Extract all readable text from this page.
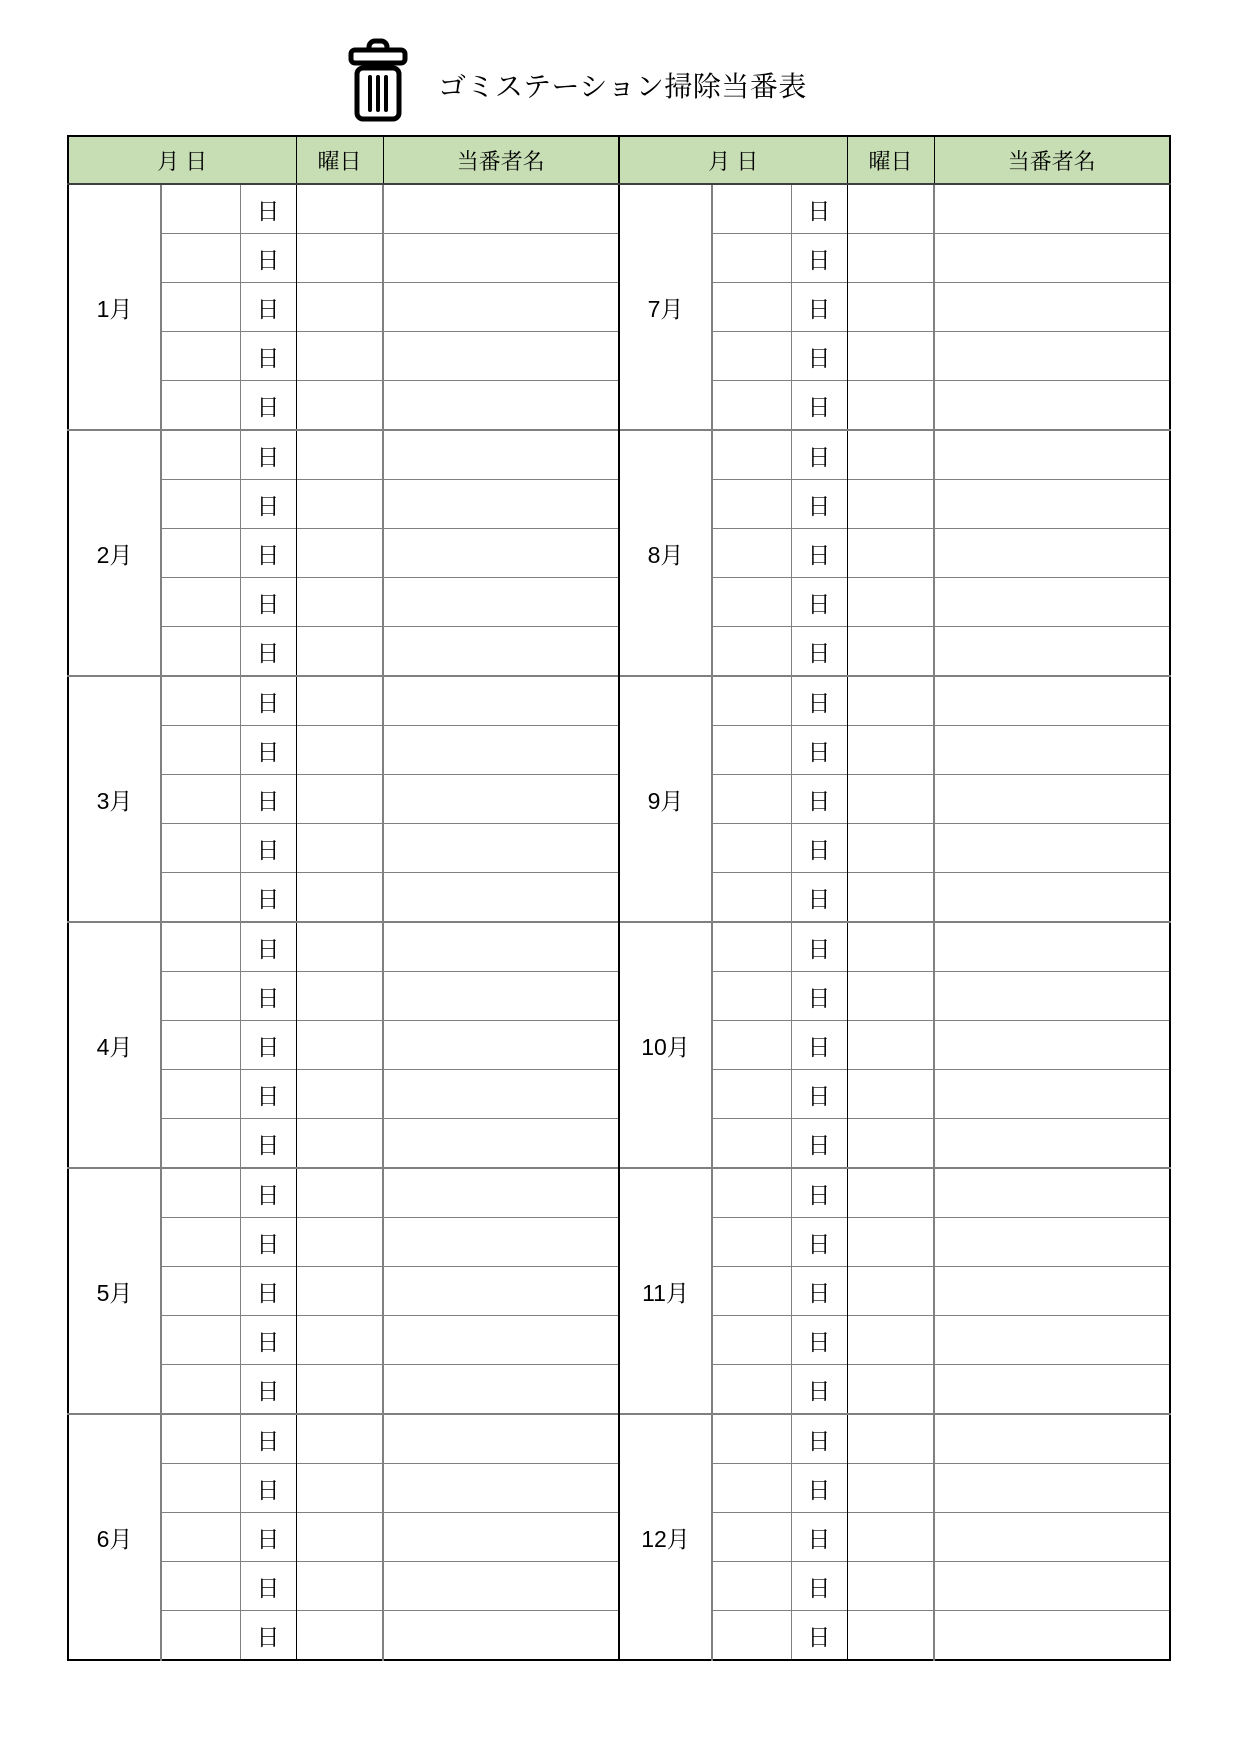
ゴミステーション掃除当番表
月 日			曜日	当番者名	月 日			曜日	当番者名
1月		日			7月		日		
		日					日		
		日					日		
		日					日		
		日					日		
2月		日			8月		日		
		日					日		
		日					日		
		日					日		
		日					日		
3月		日			9月		日		
		日					日		
		日					日		
		日					日		
		日					日		
4月		日			10月		日		
		日					日		
		日					日		
		日					日		
		日					日		
5月		日			11月		日		
		日					日		
		日					日		
		日					日		
		日					日		
6月		日			12月		日		
		日					日		
		日					日		
		日					日		
		日					日		
